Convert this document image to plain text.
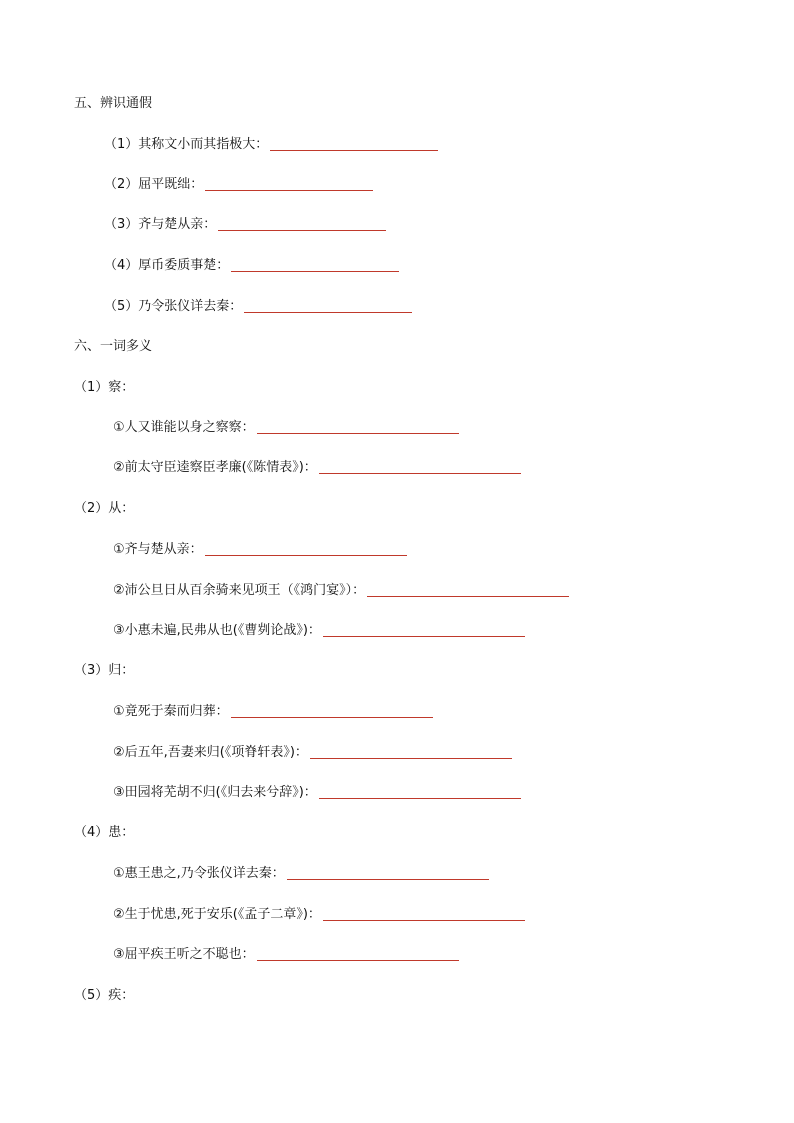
五、辨识通假
（1）其称文小而其指极大：
（2）屈平既绌：
（3）齐与楚从亲：
（4）厚币委质事楚：
（5）乃令张仪详去秦：
六、一词多义
（1）察：
①人又谁能以身之察察：
②前太守臣逵察臣孝廉(《陈情表》)：
（2）从：
①齐与楚从亲：
②沛公旦日从百余骑来见项王（《鸿门宴》）：
③小惠未遍,民弗从也(《曹刿论战》)：
（3）归：
①竟死于秦而归葬：
②后五年,吾妻来归(《项脊轩表》)：
③田园将芜胡不归(《归去来兮辞》)：
（4）患：
①惠王患之,乃令张仪详去秦：
②生于忧患,死于安乐(《孟子二章》)：
③屈平疾王听之不聪也：
（5）疾：
